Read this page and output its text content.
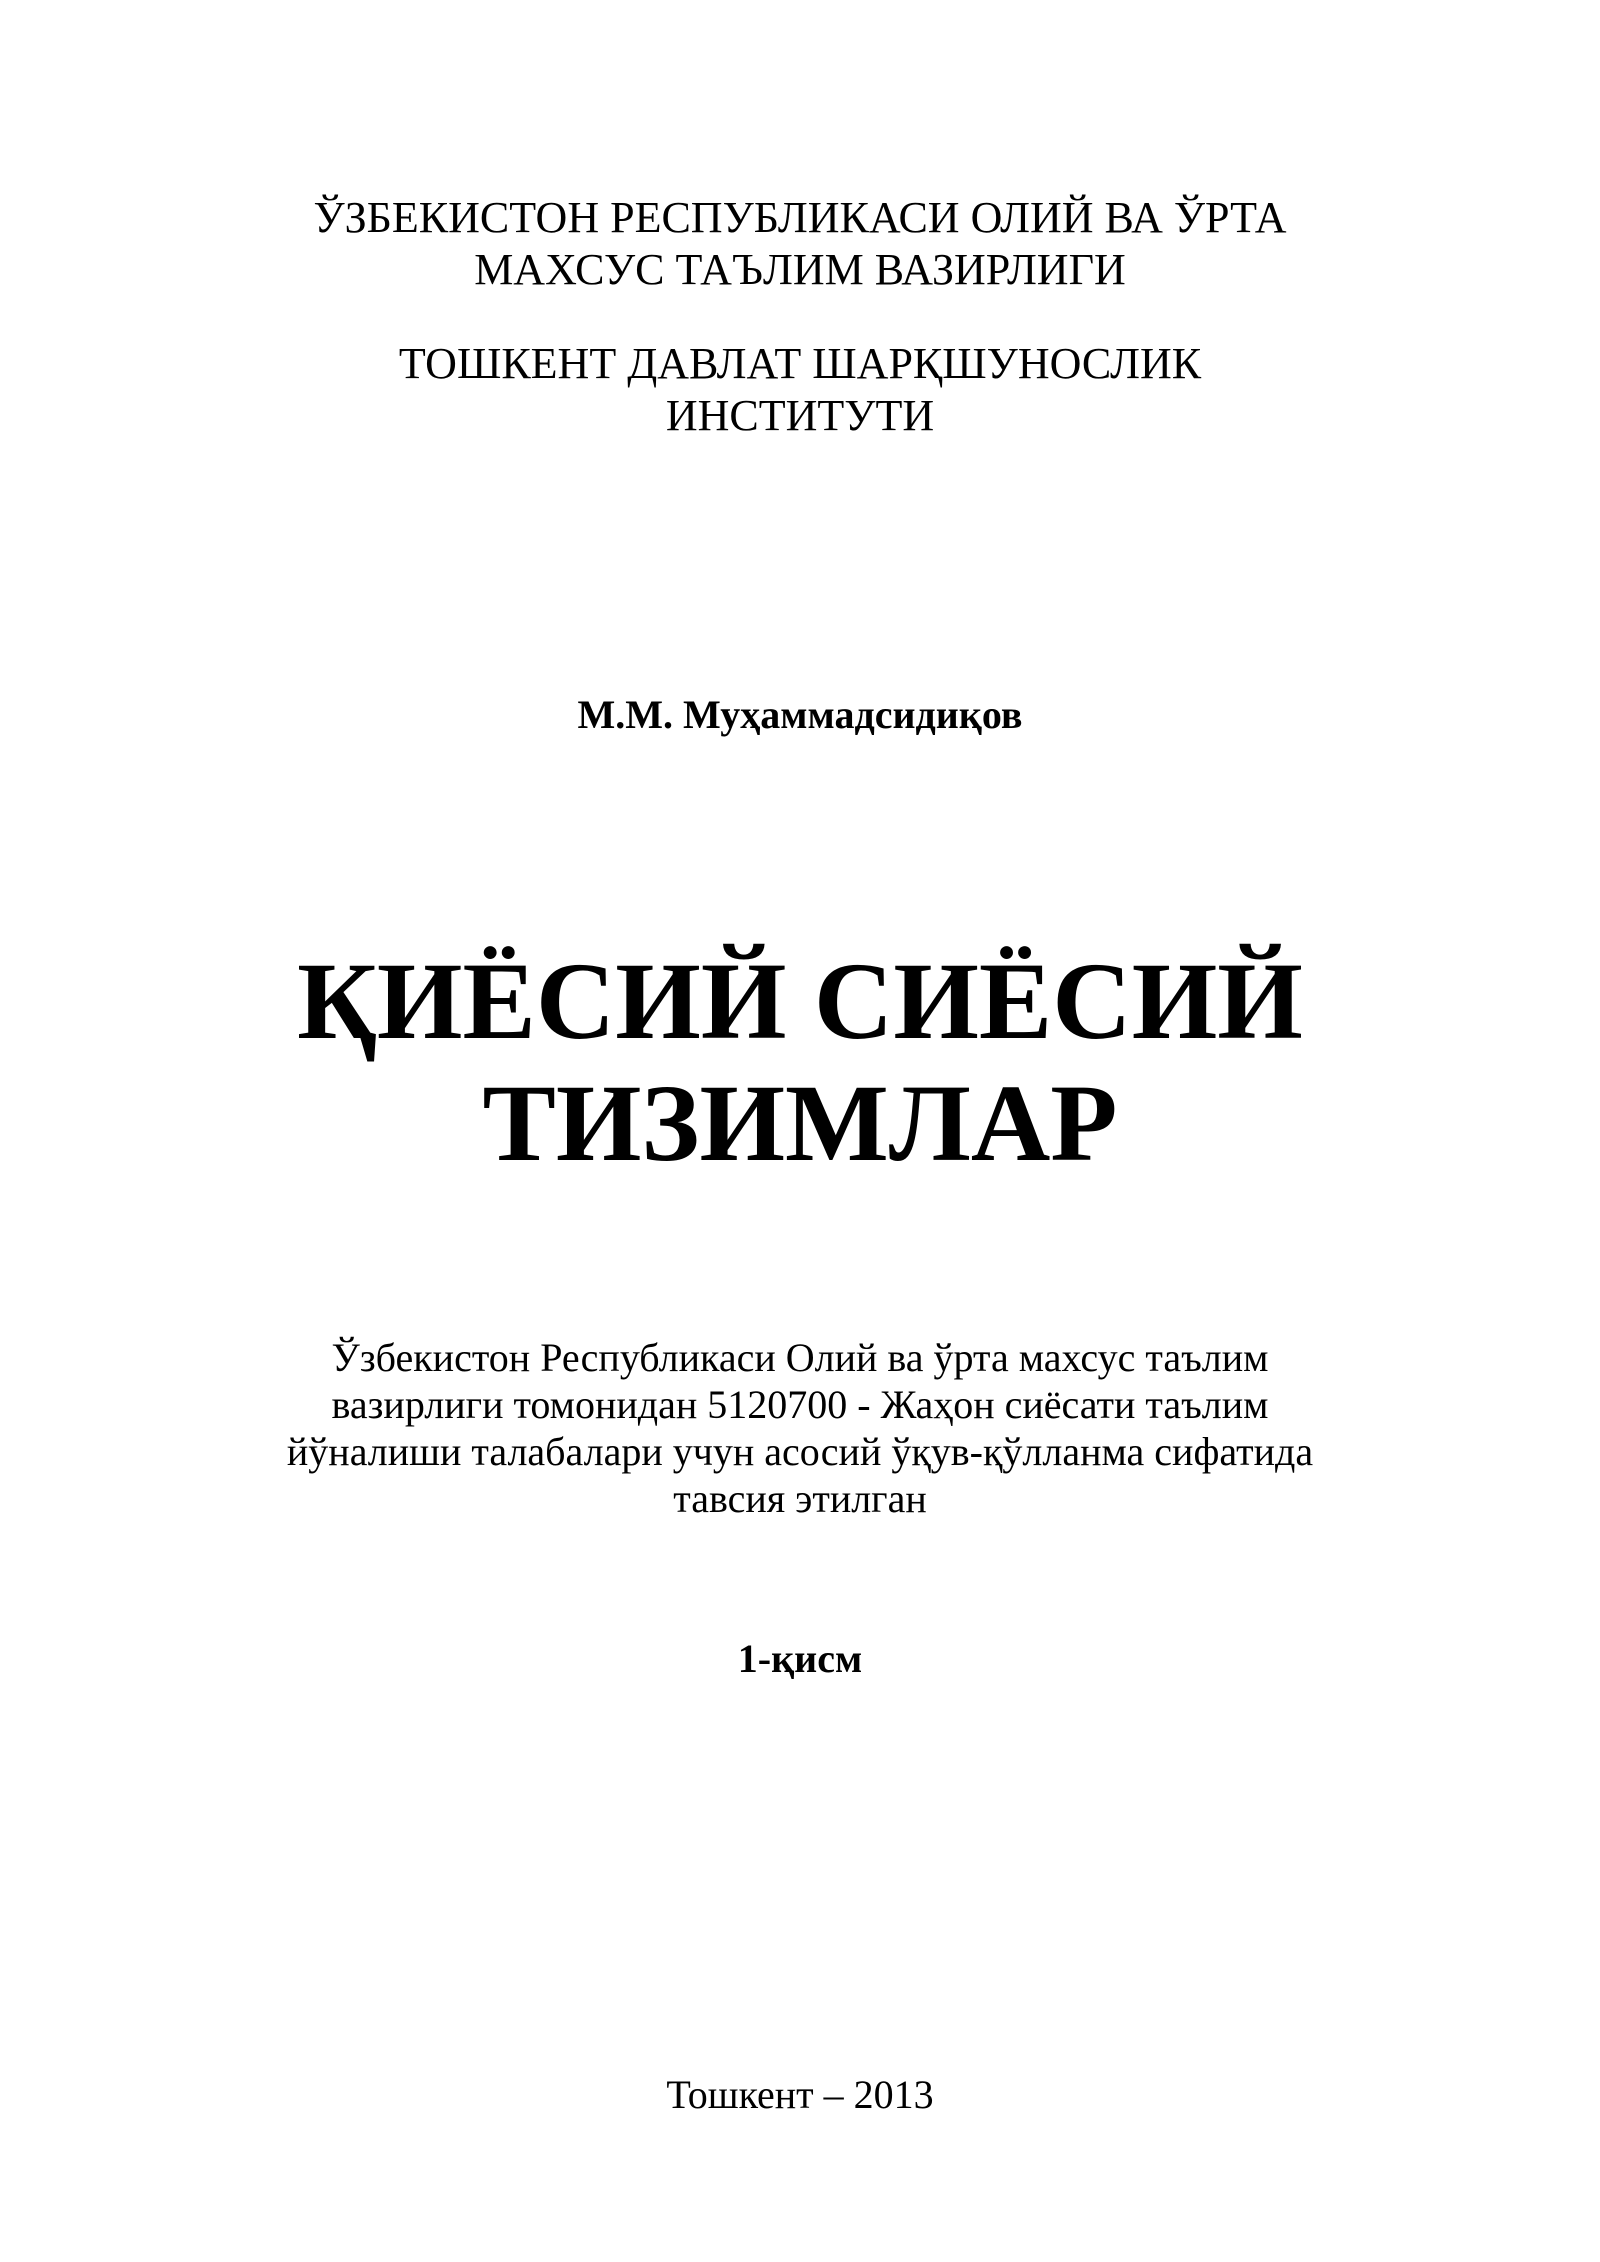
ЎЗБЕКИСТОН РЕСПУБЛИКАСИ ОЛИЙ ВА ЎРТА
МАХСУС ТАЪЛИМ ВАЗИРЛИГИ
ТОШКЕНТ ДАВЛАТ ШАРҚШУНОСЛИК
ИНСТИТУТИ
М.М. Муҳаммадсидиқов
ҚИЁСИЙ СИЁСИЙ
ТИЗИМЛАР
Ўзбекистон Республикаси Олий ва ўрта махсус таълим
вазирлиги томонидан 5120700 - Жаҳон сиёсати таълим
йўналиши талабалари учун асосий ўқув-қўлланма сифатида
тавсия этилган
1-қисм
Тошкент – 2013
